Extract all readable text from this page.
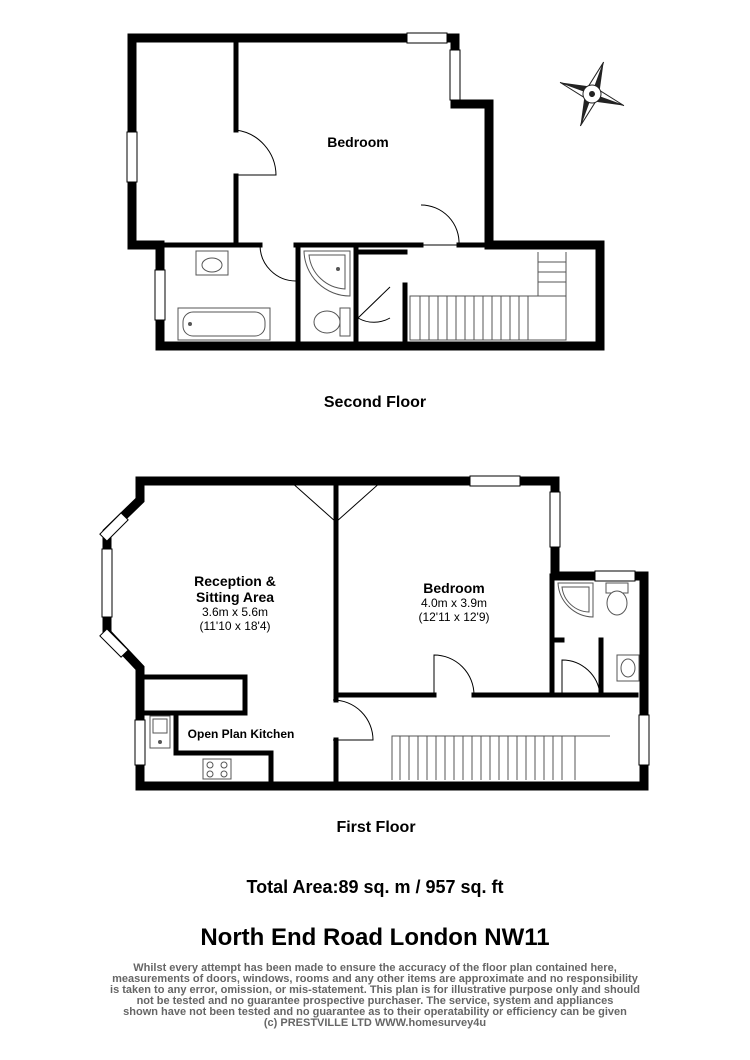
Bedroom
Second Floor
Reception &
Sitting Area
3.6m x 5.6m
(11'10 x 18'4)
Bedroom
4.0m x 3.9m
(12'11 x 12'9)
Open Plan Kitchen
First Floor
Total Area:89 sq. m / 957 sq. ft
North End Road London NW11
Whilst every attempt has been made to ensure the accuracy of the floor plan contained here,
measurements of doors, windows, rooms and any other items are approximate and no responsibility
is taken to any error, omission, or mis-statement. This plan is for illustrative purpose only and should
not be tested and no guarantee prospective purchaser. The service, system and appliances
shown have not been tested and no guarantee as to their operatability or efficiency can be given
(c) PRESTVILLE LTD WWW.homesurvey4u
